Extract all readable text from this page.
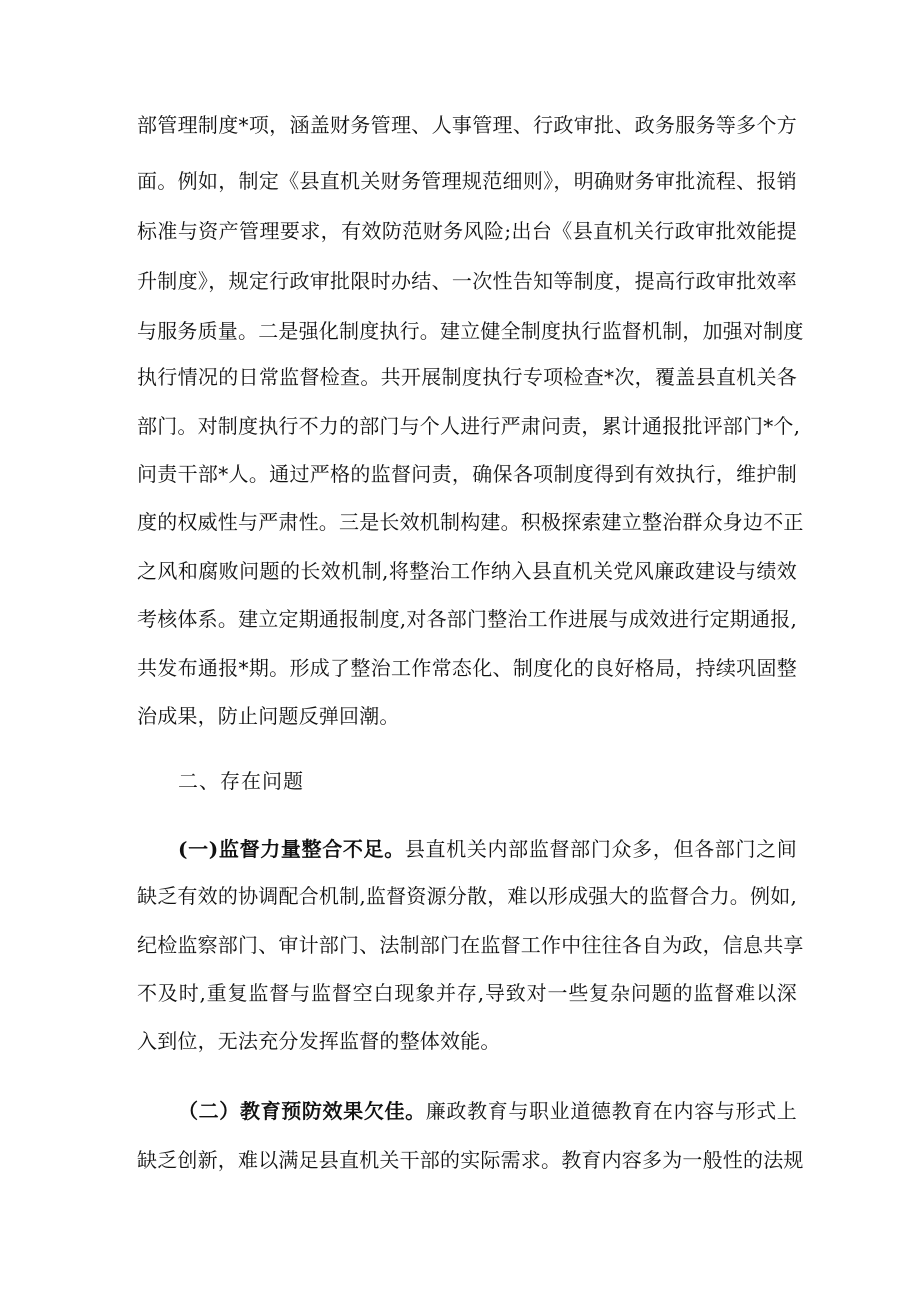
部管理制度*项，涵盖财务管理、人事管理、行政审批、政务服务等多个方
面。例如，制定《县直机关财务管理规范细则》，明确财务审批流程、报销
标准与资产管理要求，有效防范财务风险;出台《县直机关行政审批效能提
升制度》，规定行政审批限时办结、一次性告知等制度，提高行政审批效率
与服务质量。二是强化制度执行。建立健全制度执行监督机制，加强对制度
执行情况的日常监督检查。共开展制度执行专项检查*次，覆盖县直机关各
部门。对制度执行不力的部门与个人进行严肃问责，累计通报批评部门*个,
问责干部*人。通过严格的监督问责，确保各项制度得到有效执行，维护制
度的权威性与严肃性。三是长效机制构建。积极探索建立整治群众身边不正
之风和腐败问题的长效机制,将整治工作纳入县直机关党风廉政建设与绩效
考核体系。建立定期通报制度,对各部门整治工作进展与成效进行定期通报,
共发布通报*期。形成了整治工作常态化、制度化的良好格局，持续巩固整
治成果，防止问题反弹回潮。
二、存在问题
(一)监督力量整合不足。县直机关内部监督部门众多，但各部门之间
缺乏有效的协调配合机制,监督资源分散，难以形成强大的监督合力。例如,
纪检监察部门、审计部门、法制部门在监督工作中往往各自为政，信息共享
不及时,重复监督与监督空白现象并存,导致对一些复杂问题的监督难以深
入到位，无法充分发挥监督的整体效能。
（二）教育预防效果欠佳。廉政教育与职业道德教育在内容与形式上
缺乏创新，难以满足县直机关干部的实际需求。教育内容多为一般性的法规
